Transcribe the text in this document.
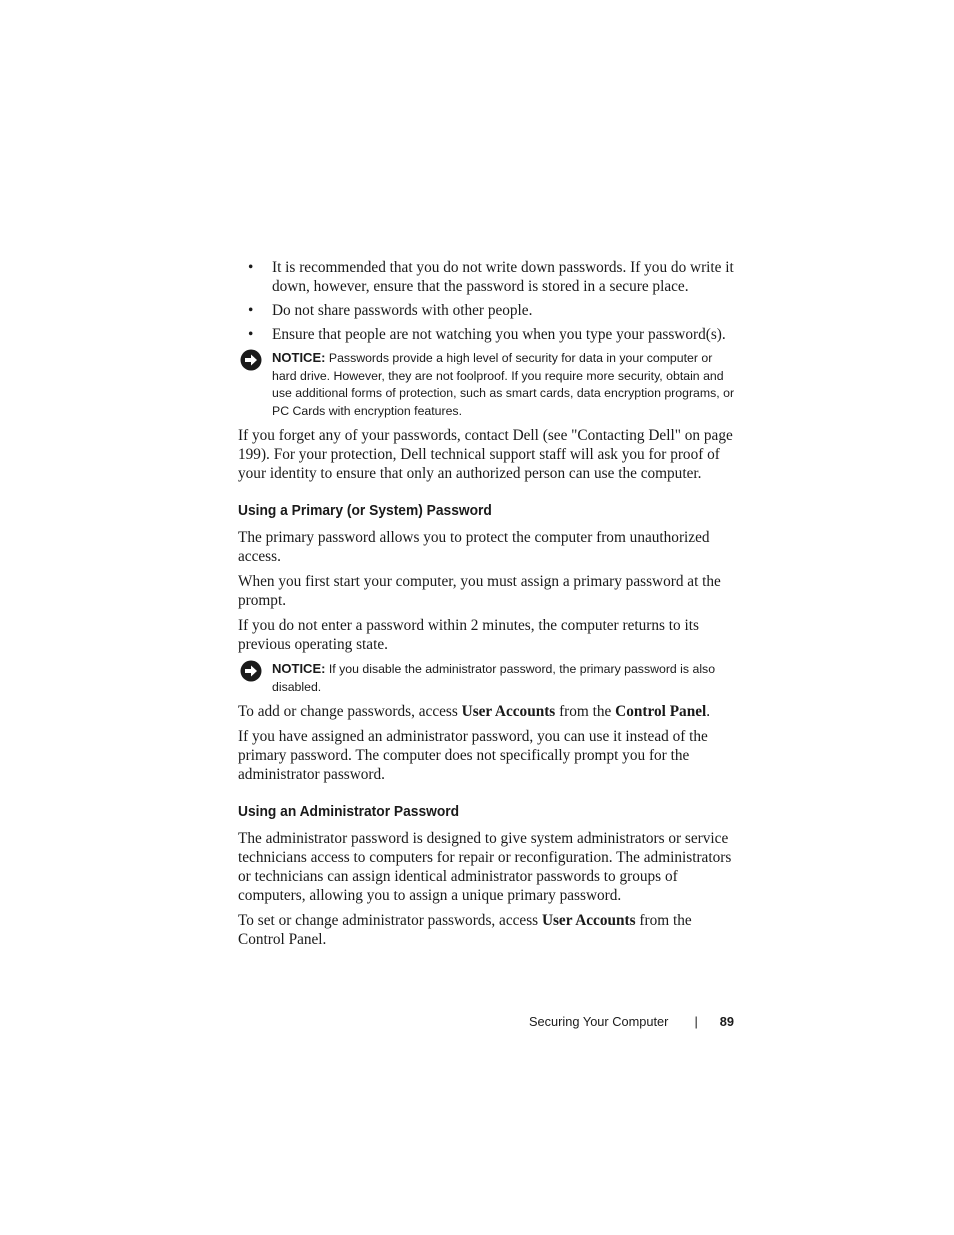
• It is recommended that you do not write down passwords. If you do write it down, however, ensure that the password is stored in a secure place.
• Do not share passwords with other people.
• Ensure that people are not watching you when you type your password(s).
NOTICE: Passwords provide a high level of security for data in your computer or hard drive. However, they are not foolproof. If you require more security, obtain and use additional forms of protection, such as smart cards, data encryption programs, or PC Cards with encryption features.

If you forget any of your passwords, contact Dell (see "Contacting Dell" on page 199). For your protection, Dell technical support staff will ask you for proof of your identity to ensure that only an authorized person can use the computer.

Using a Primary (or System) Password

The primary password allows you to protect the computer from unauthorized access.

When you first start your computer, you must assign a primary password at the prompt.

If you do not enter a password within 2 minutes, the computer returns to its previous operating state.

NOTICE: If you disable the administrator password, the primary password is also disabled.

To add or change passwords, access User Accounts from the Control Panel.

If you have assigned an administrator password, you can use it instead of the primary password. The computer does not specifically prompt you for the administrator password.

Using an Administrator Password

The administrator password is designed to give system administrators or service technicians access to computers for repair or reconfiguration. The administrators or technicians can assign identical administrator passwords to groups of computers, allowing you to assign a unique primary password.

To set or change administrator passwords, access User Accounts from the Control Panel.

Securing Your Computer | 89
